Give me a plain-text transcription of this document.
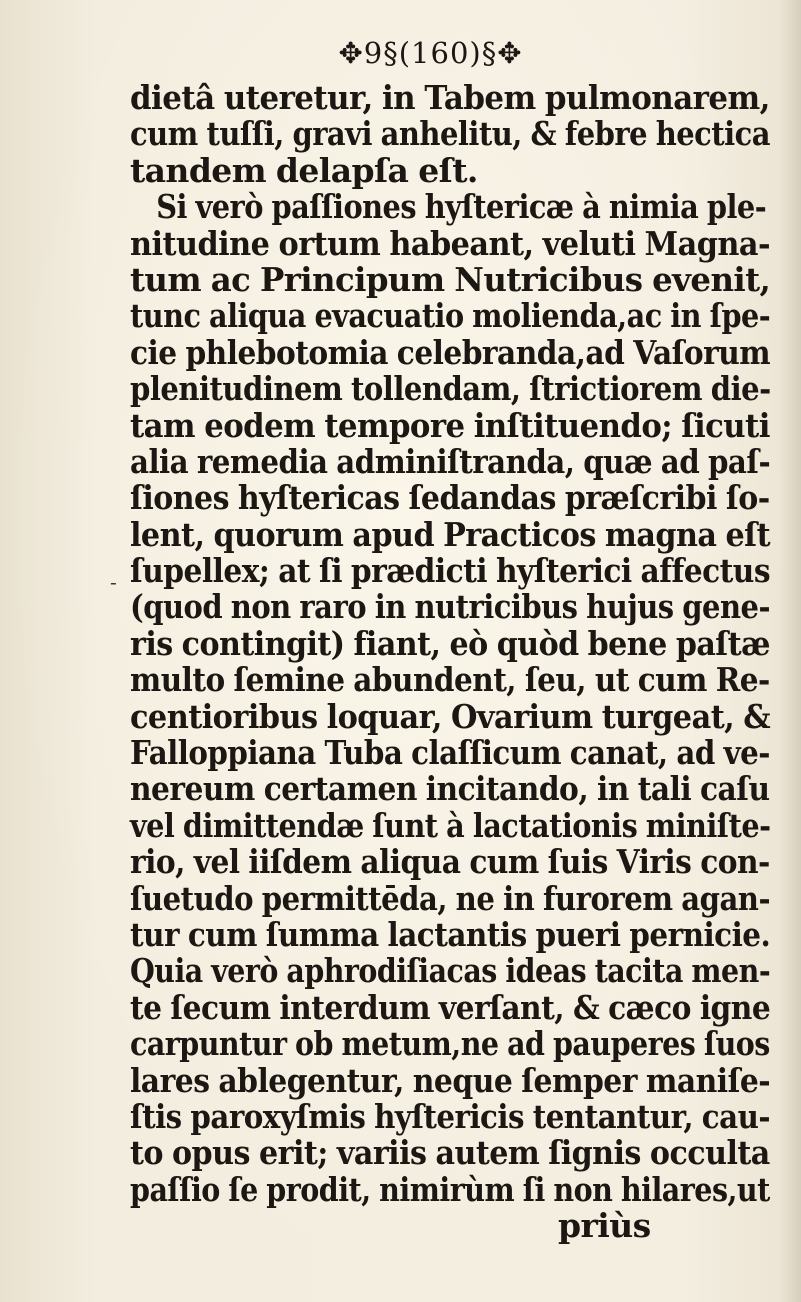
✥9§(160)§✥
-
dietâ uteretur, in Tabem pulmonarem,
cum tuſſi, gravi anhelitu, & febre hectica
tandem delapſa eſt.
Si verò paſſiones hyſtericæ à nimia ple-
nitudine ortum habeant, veluti Magna-
tum ac Principum Nutricibus evenit,
tunc aliqua evacuatio molienda,ac in ſpe-
cie phlebotomia celebranda,ad Vaſorum
plenitudinem tollendam, ſtrictiorem die-
tam eodem tempore inſtituendo; ſicuti
alia remedia adminiſtranda, quæ ad paſ-
ſiones hyſtericas ſedandas præſcribi ſo-
lent, quorum apud Practicos magna eſt
ſupellex; at ſi prædicti hyſterici affectus
(quod non raro in nutricibus hujus gene-
ris contingit) fiant, eò quòd bene paſtæ
multo ſemine abundent, ſeu, ut cum Re-
centioribus loquar, Ovarium turgeat, &
Falloppiana Tuba claſſicum canat, ad ve-
nereum certamen incitando, in tali caſu
vel dimittendæ ſunt à lactationis miniſte-
rio, vel iiſdem aliqua cum ſuis Viris con-
ſuetudo permittēda, ne in furorem agan-
tur cum ſumma lactantis pueri pernicie.
Quia verò aphrodiſiacas ideas tacita men-
te ſecum interdum verſant, & cæco igne
carpuntur ob metum,ne ad pauperes ſuos
lares ablegentur, neque ſemper maniſe-
ſtis paroxyſmis hyſtericis tentantur, cau-
to opus erit; variis autem ſignis occulta
paſſio ſe prodit, nimirùm ſi non hilares,ut
priùs
